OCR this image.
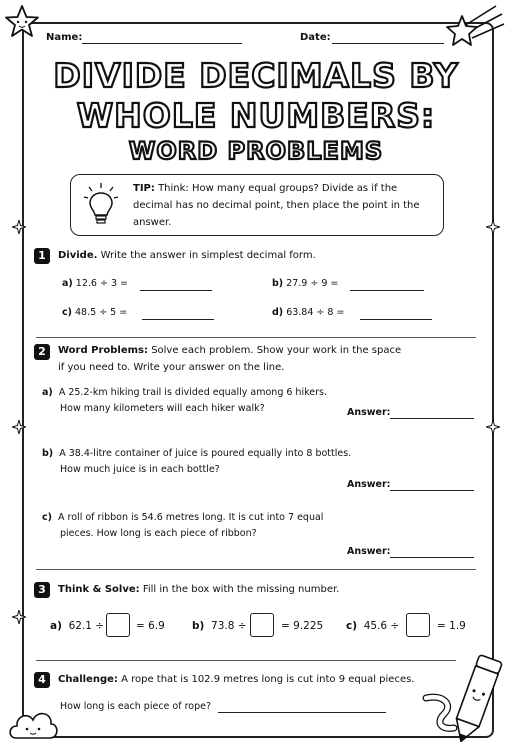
Name:	Date:
DIVIDE DECIMALS BY
WHOLE NUMBERS:
WORD PROBLEMS
TIP: Think: How many equal groups? Divide as if the decimal has no decimal point, then place the point in the answer.
1	Divide. Write the answer in simplest decimal form.
a) 12.6 ÷ 3 =	b) 27.9 ÷ 9 =
c) 48.5 ÷ 5 =	d) 63.84 ÷ 8 =
2	Word Problems: Solve each problem. Show your work in the space
if you need to. Write your answer on the line.
a) A 25.2-km hiking trail is divided equally among 6 hikers.
How many kilometers will each hiker walk?	Answer:
b) A 38.4-litre container of juice is poured equally into 8 bottles.
How much juice is in each bottle?
Answer:
c) A roll of ribbon is 54.6 metres long. It is cut into 7 equal
pieces. How long is each piece of ribbon?
Answer:
3	Think & Solve: Fill in the box with the missing number.
a) 62.1 ÷	= 6.9	b) 73.8 ÷	= 9.225 c) 45.6 ÷	= 1.9
4	Challenge: A rope that is 102.9 metres long is cut into 9 equal pieces.
How long is each piece of rope?
